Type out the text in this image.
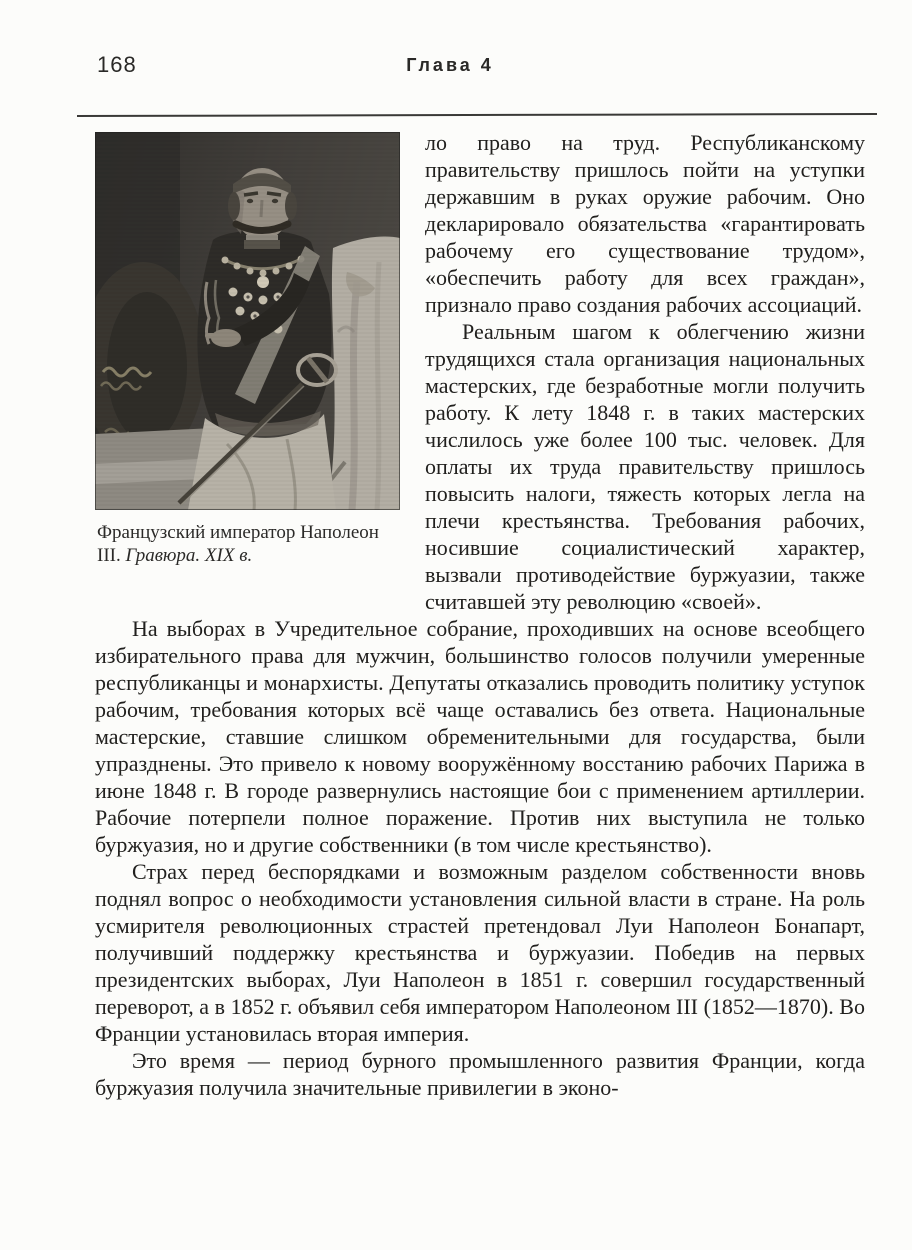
168	Глава 4
Французский император Наполеон III. Гравюра. XIX в.

ло право на труд. Республиканскому правительству пришлось пойти на уступки державшим в руках оружие рабочим. Оно декларировало обязательства «гарантировать рабочему его существование трудом», «обеспечить работу для всех граждан», признало право создания рабочих ассоциаций.

Реальным шагом к облегчению жизни трудящихся стала организация национальных мастерских, где безработные могли получить работу. К лету 1848 г. в таких мастерских числилось уже более 100 тыс. человек. Для оплаты их труда правительству пришлось повысить налоги, тяжесть которых легла на плечи крестьянства. Требования рабочих, носившие социалистический характер, вызвали противодействие буржуазии, также считавшей эту революцию «своей».

На выборах в Учредительное собрание, проходивших на основе всеобщего избирательного права для мужчин, большинство голосов получили умеренные республиканцы и монархисты. Депутаты отказались проводить политику уступок рабочим, требования которых всё чаще оставались без ответа. Национальные мастерские, ставшие слишком обременительными для государства, были упразднены. Это привело к новому вооружённому восстанию рабочих Парижа в июне 1848 г. В городе развернулись настоящие бои с применением артиллерии. Рабочие потерпели полное поражение. Против них выступила не только буржуазия, но и другие собственники (в том числе крестьянство).

Страх перед беспорядками и возможным разделом собственности вновь поднял вопрос о необходимости установления сильной власти в стране. На роль усмирителя революционных страстей претендовал Луи Наполеон Бонапарт, получивший поддержку крестьянства и буржуазии. Победив на первых президентских выборах, Луи Наполеон в 1851 г. совершил государственный переворот, а в 1852 г. объявил себя императором Наполеоном III (1852—1870). Во Франции установилась вторая империя.

Это время — период бурного промышленного развития Франции, когда буржуазия получила значительные привилегии в эконо-
